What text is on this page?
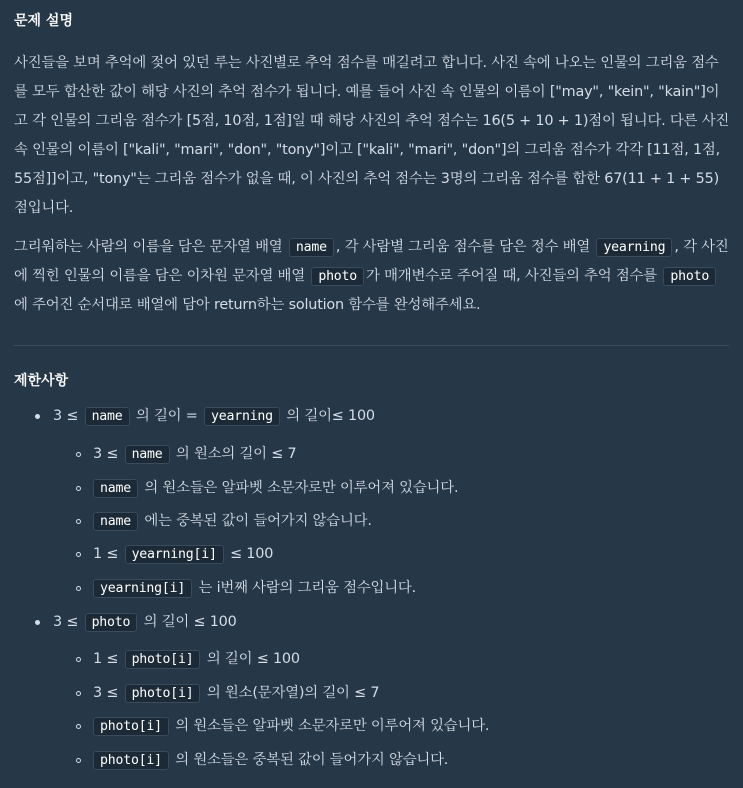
문제 설명
사진들을 보며 추억에 젖어 있던 루는 사진별로 추억 점수를 매길려고 합니다. 사진 속에 나오는 인물의 그리움 점수를 모두 합산한 값이 해당 사진의 추억 점수가 됩니다. 예를 들어 사진 속 인물의 이름이 ["may", "kein", "kain"]이고 각 인물의 그리움 점수가 [5점, 10점, 1점]일 때 해당 사진의 추억 점수는 16(5 + 10 + 1)점이 됩니다. 다른 사진 속 인물의 이름이 ["kali", "mari", "don", "tony"]이고 ["kali", "mari", "don"]의 그리움 점수가 각각 [11점, 1점, 55점]]이고, "tony"는 그리움 점수가 없을 때, 이 사진의 추억 점수는 3명의 그리움 점수를 합한 67(11 + 1 + 55)점입니다.
그리워하는 사람의 이름을 담은 문자열 배열 name , 각 사람별 그리움 점수를 담은 정수 배열 yearning , 각 사진에 찍힌 인물의 이름을 담은 이차원 문자열 배열 photo 가 매개변수로 주어질 때, 사진들의 추억 점수를 photo에 주어진 순서대로 배열에 담아 return하는 solution 함수를 완성해주세요.
제한사항
3 ≤ name 의 길이 = yearning 의 길이≤ 100
3 ≤ name 의 원소의 길이 ≤ 7
name 의 원소들은 알파벳 소문자로만 이루어져 있습니다.
name 에는 중복된 값이 들어가지 않습니다.
1 ≤ yearning[i] ≤ 100
yearning[i] 는 i번째 사람의 그리움 점수입니다.
3 ≤ photo 의 길이 ≤ 100
1 ≤ photo[i] 의 길이 ≤ 100
3 ≤ photo[i] 의 원소(문자열)의 길이 ≤ 7
photo[i] 의 원소들은 알파벳 소문자로만 이루어져 있습니다.
photo[i] 의 원소들은 중복된 값이 들어가지 않습니다.
